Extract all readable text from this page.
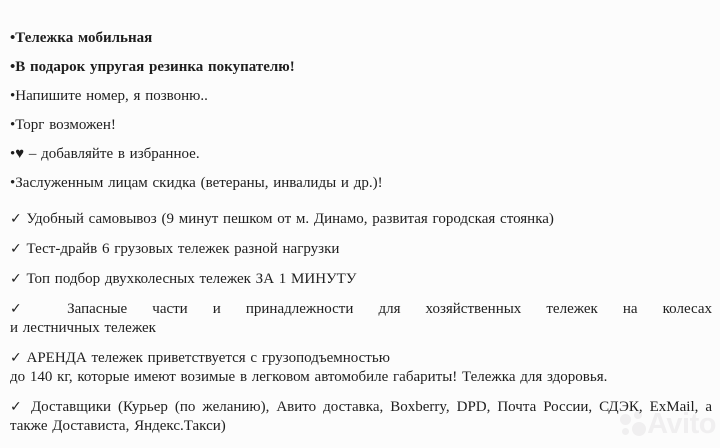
•Тележка мобильная

•В подарок упругая резинка покупателю!

•Напишите номер, я позвоню..

•Торг возможен!

•♥ – добавляйте в избранное.

•Заслуженным лицам скидка (ветераны, инвалиды и др.)!

✓ Удобный самовывоз (9 минут пешком от м. Динамо, развитая городская стоянка)

✓ Тест-драйв 6 грузовых тележек разной нагрузки

✓ Топ подбор двухколесных тележек ЗА 1 МИНУТУ

✓ Запасные части и принадлежности для хозяйственных тележек на колесах
и лестничных тележек
✓ АРЕНДА тележек приветствуется с грузоподъемностью
до 140 кг, которые имеют возимые в легковом автомобиле габариты! Тележка для здоровья.

✓ Доставщики (Курьер (по желанию), Авито доставка, Boxberry, DPD, Почта России, СДЭК, ExMail, а также Достависта, Яндекс.Такси)	Avito
